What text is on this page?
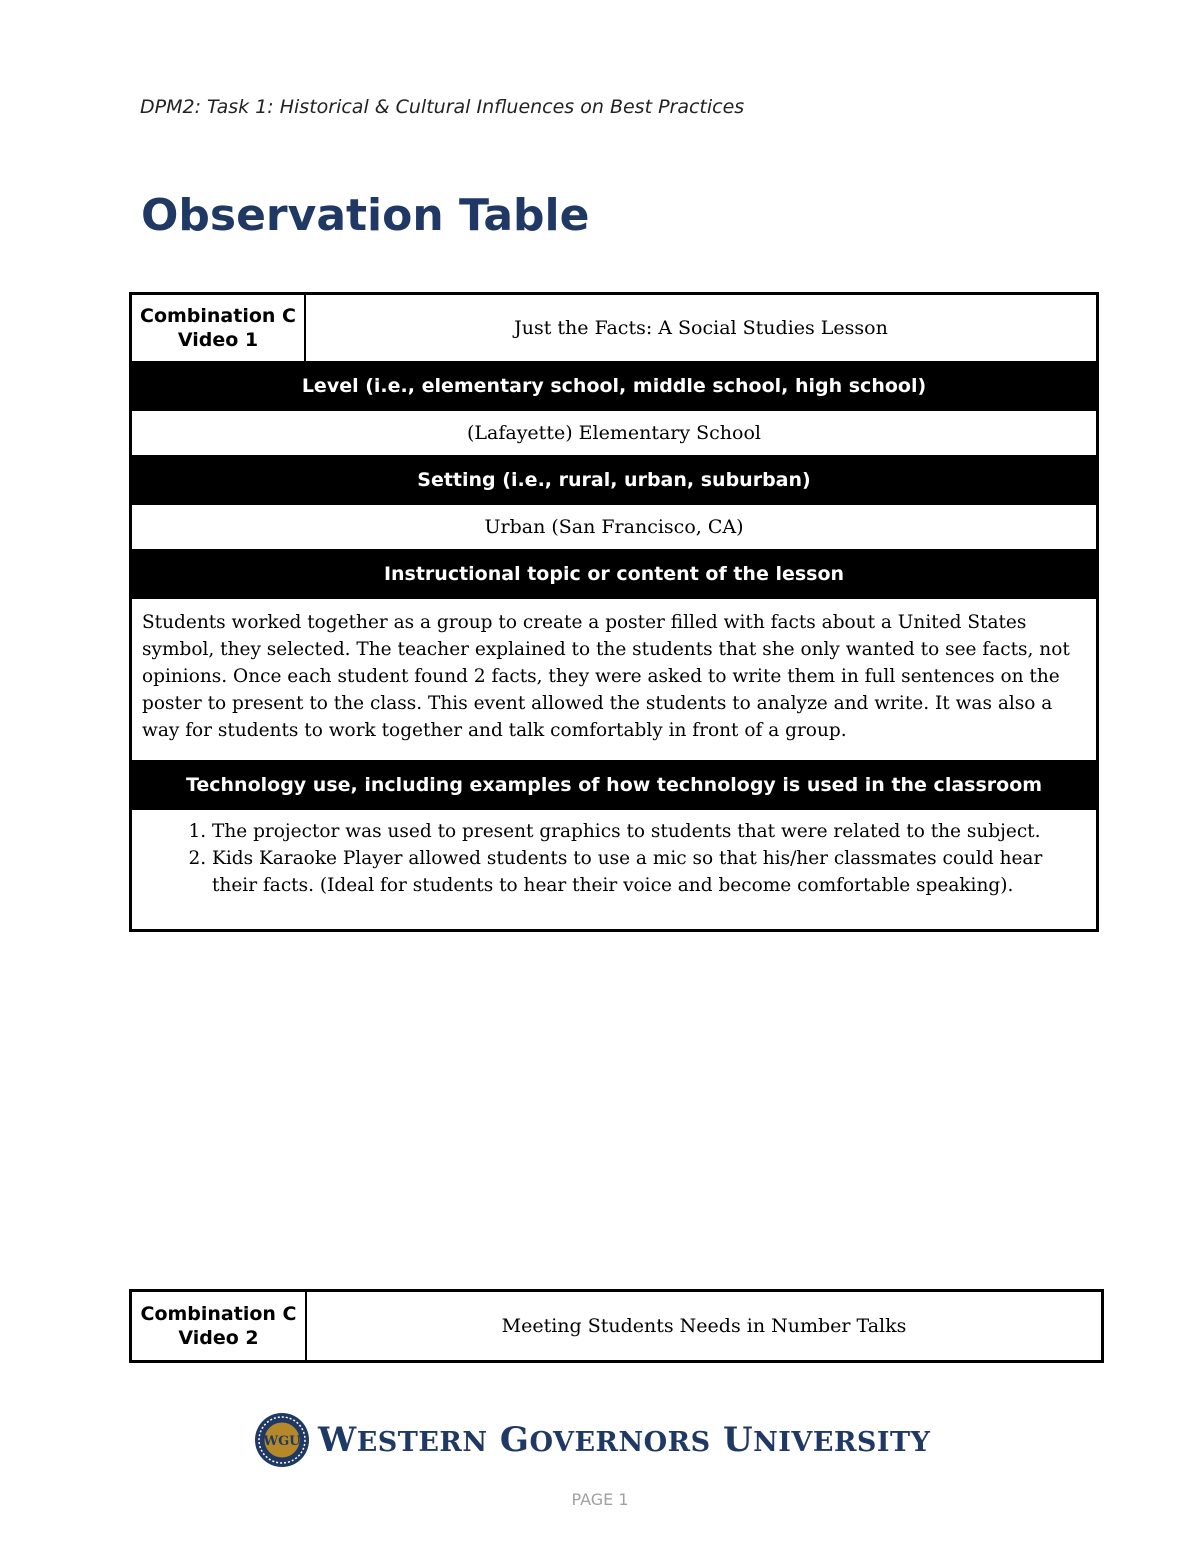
DPM2: Task 1: Historical & Cultural Influences on Best Practices
Observation Table
Combination C Video 1	Just the Facts: A Social Studies Lesson
Level (i.e., elementary school, middle school, high school)
(Lafayette) Elementary School
Setting (i.e., rural, urban, suburban)
Urban (San Francisco, CA)
Instructional topic or content of the lesson
Students worked together as a group to create a poster filled with facts about a United States symbol, they selected. The teacher explained to the students that she only wanted to see facts, not opinions. Once each student found 2 facts, they were asked to write them in full sentences on the poster to present to the class. This event allowed the students to analyze and write. It was also a way for students to work together and talk comfortably in front of a group.
Technology use, including examples of how technology is used in the classroom

1. The projector was used to present graphics to students that were related to the subject.
2. Kids Karaoke Player allowed students to use a mic so that his/her classmates could hear their facts. (Ideal for students to hear their voice and become comfortable speaking).
Combination C Video 2	Meeting Students Needs in Number Talks
WGU WESTERN GOVERNORS UNIVERSITY
PAGE 1
